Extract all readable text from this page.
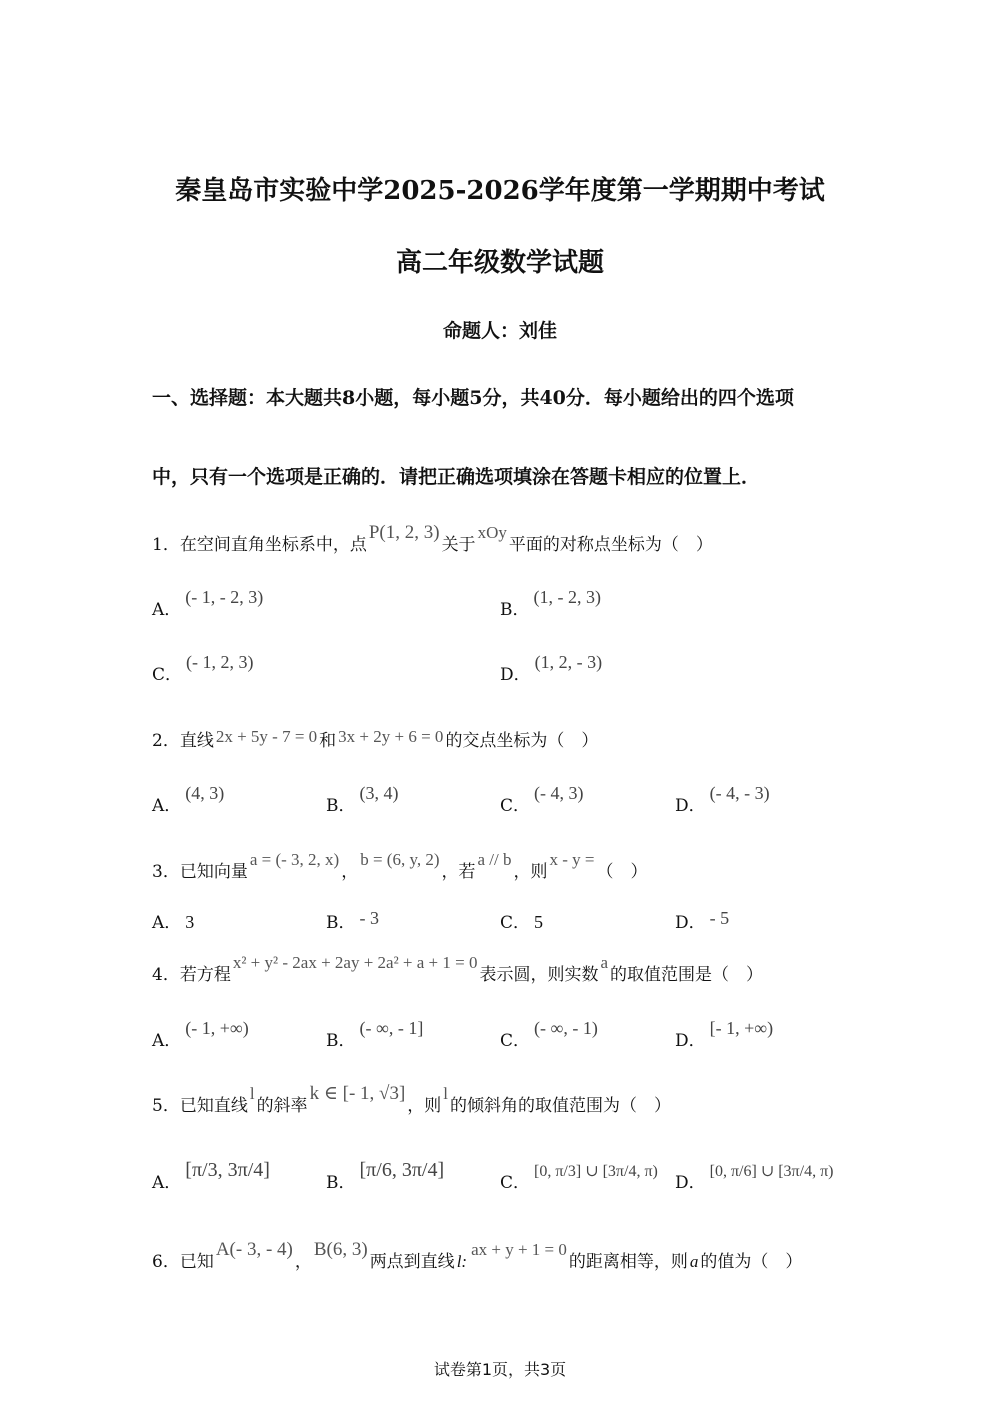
秦皇岛市实验中学2025-2026学年度第一学期期中考试
高二年级数学试题
命题人：刘佳
一、选择题：本大题共8小题，每小题5分，共40分．每小题给出的四个选项
中，只有一个选项是正确的．请把正确选项填涂在答题卡相应的位置上．
1．在空间直角坐标系中，点P(1, 2, 3)关于xOy平面的对称点坐标为（　）
A．(- 1, - 2, 3)
B．(1, - 2, 3)
C．(- 1, 2, 3)
D．(1, 2, - 3)
2．直线 2x + 5y - 7 = 0 和 3x + 2y + 6 = 0 的交点坐标为（　）
A．(4, 3)
B．(3, 4)
C．(- 4, 3)
D．(- 4, - 3)
3．已知向量a = (- 3, 2, x)，b = (6, y, 2)，若a // b，则x - y =（　）
A． 3	B． - 3	C． 5	D． - 5
4．若方程x² + y² - 2ax + 2ay + 2a² + a + 1 = 0表示圆，则实数a的取值范围是（　）
A．(- 1, +∞)
B．(- ∞, - 1]
C．(- ∞, - 1)
D．[- 1, +∞)
5．已知直线l的斜率k ∈ [- 1, √3]，则l的倾斜角的取值范围为（　）
A．[π/3, 3π/4]
B．[π/6, 3π/4]
C．[0, π/3] ∪ [3π/4, π)
D．[0, π/6] ∪ [3π/4, π)
6．已知A(- 3, - 4)，B(6, 3)两点到直线 l:ax + y + 1 = 0的距离相等，则 a 的值为（　）
试卷第1页，共3页
